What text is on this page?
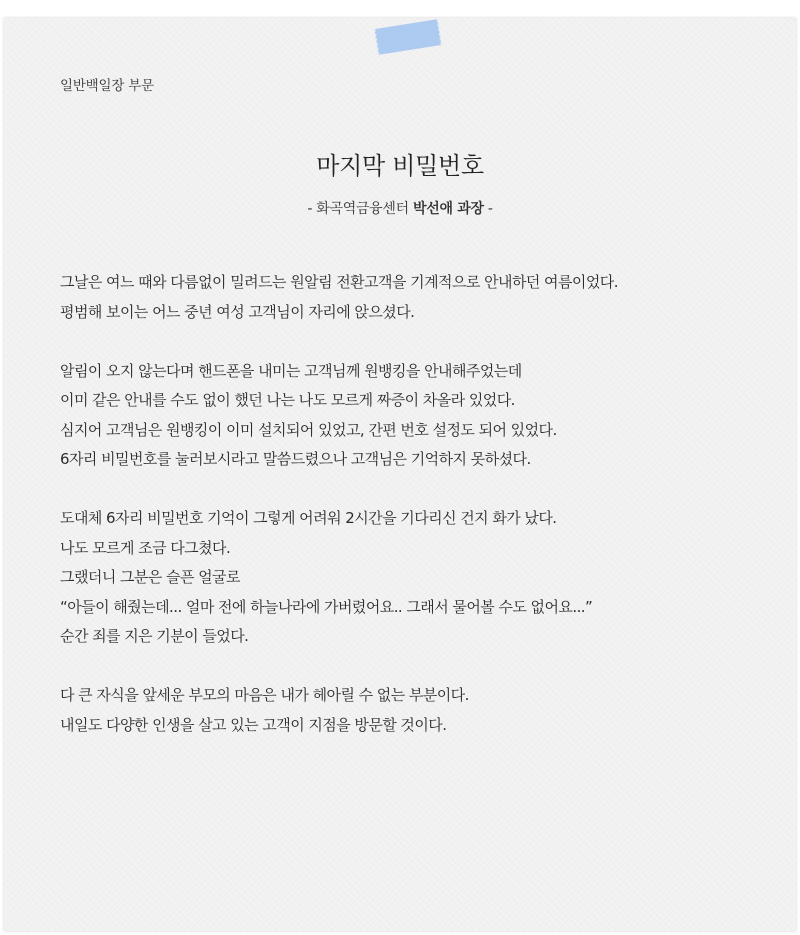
일반백일장 부문
마지막 비밀번호
- 화곡역금융센터 박선애 과장 -

그날은 여느 때와 다름없이 밀려드는 원알림 전환고객을 기계적으로 안내하던 여름이었다.
평범해 보이는 어느 중년 여성 고객님이 자리에 앉으셨다.

알림이 오지 않는다며 핸드폰을 내미는 고객님께 원뱅킹을 안내해주었는데
이미 같은 안내를 수도 없이 했던 나는 나도 모르게 짜증이 차올라 있었다.
심지어 고객님은 원뱅킹이 이미 설치되어 있었고, 간편 번호 설정도 되어 있었다.
6자리 비밀번호를 눌러보시라고 말씀드렸으나 고객님은 기억하지 못하셨다.

도대체 6자리 비밀번호 기억이 그렇게 어려워 2시간을 기다리신 건지 화가 났다.
나도 모르게 조금 다그쳤다.
그랬더니 그분은 슬픈 얼굴로
“아들이 해줬는데... 얼마 전에 하늘나라에 가버렸어요.. 그래서 물어볼 수도 없어요...”
순간 죄를 지은 기분이 들었다.

다 큰 자식을 앞세운 부모의 마음은 내가 헤아릴 수 없는 부분이다.
내일도 다양한 인생을 살고 있는 고객이 지점을 방문할 것이다.
